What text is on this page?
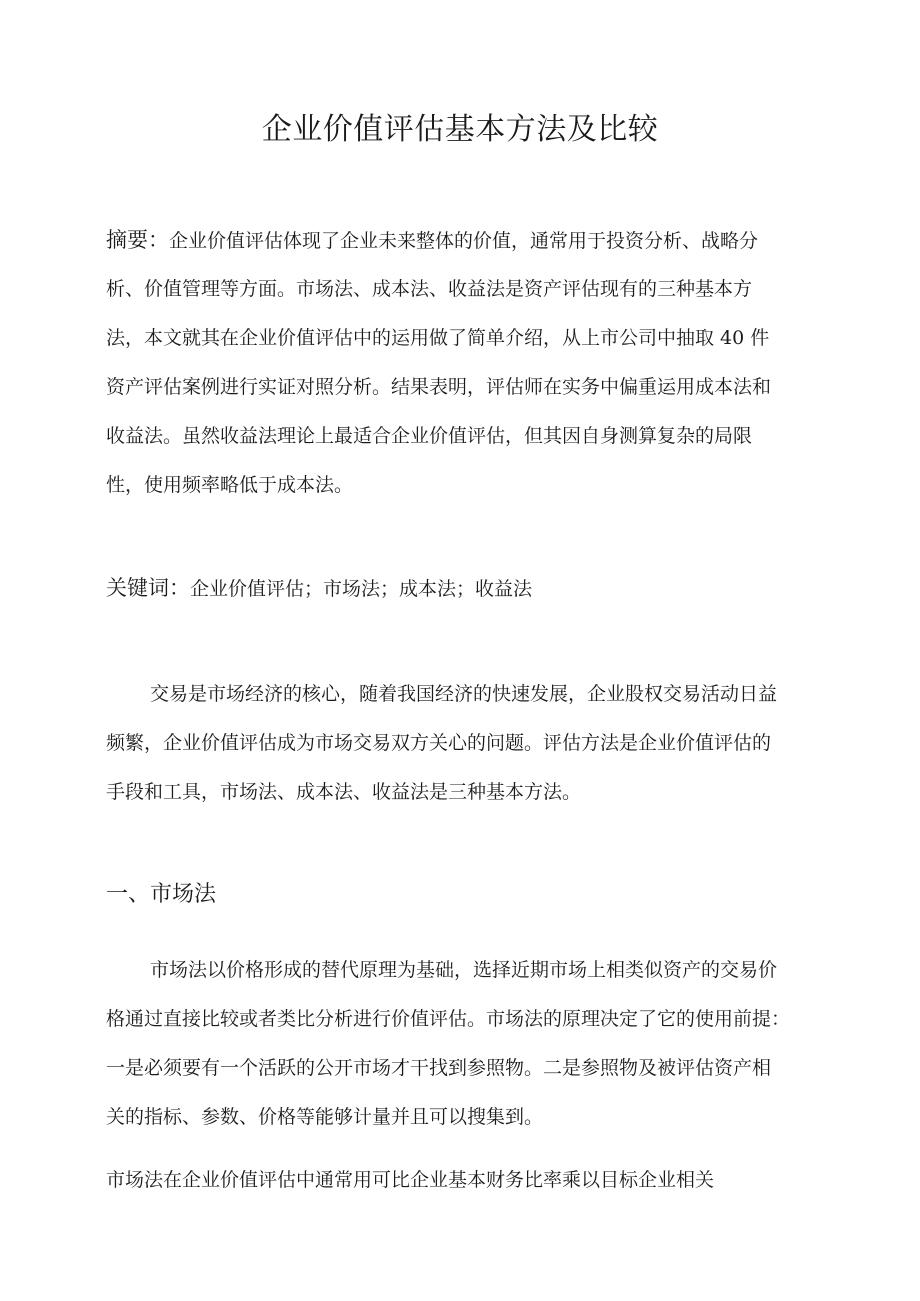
企业价值评估基本方法及比较
摘要：企业价值评估体现了企业未来整体的价值，通常用于投资分析、战略分
析、价值管理等方面。市场法、成本法、收益法是资产评估现有的三种基本方
法，本文就其在企业价值评估中的运用做了简单介绍，从上市公司中抽取 40 件
资产评估案例进行实证对照分析。结果表明，评估师在实务中偏重运用成本法和
收益法。虽然收益法理论上最适合企业价值评估，但其因自身测算复杂的局限
性，使用频率略低于成本法。
关键词：企业价值评估；市场法；成本法；收益法
交易是市场经济的核心，随着我国经济的快速发展，企业股权交易活动日益
频繁，企业价值评估成为市场交易双方关心的问题。评估方法是企业价值评估的
手段和工具，市场法、成本法、收益法是三种基本方法。
一、市场法
市场法以价格形成的替代原理为基础，选择近期市场上相类似资产的交易价
格通过直接比较或者类比分析进行价值评估。市场法的原理决定了它的使用前提：
一是必须要有一个活跃的公开市场才干找到参照物。二是参照物及被评估资产相
关的指标、参数、价格等能够计量并且可以搜集到。
市场法在企业价值评估中通常用可比企业基本财务比率乘以目标企业相关
